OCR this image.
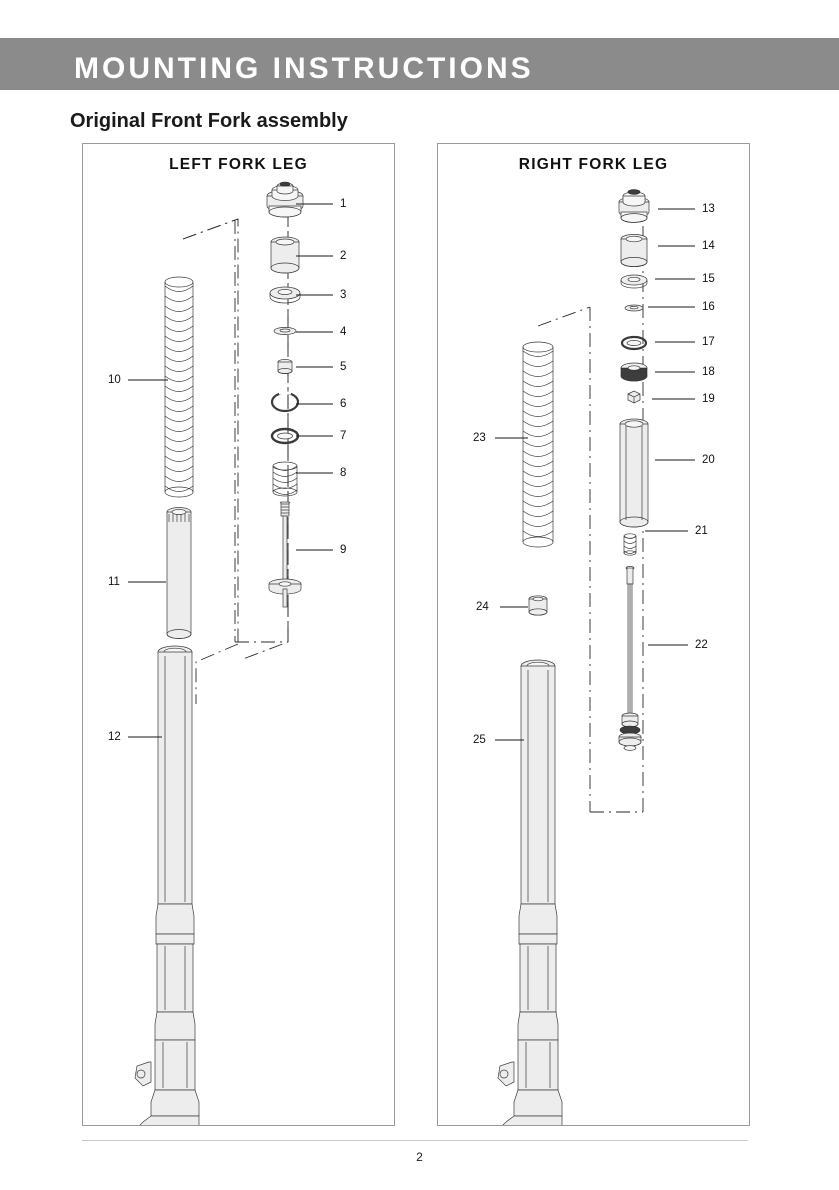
MOUNTING INSTRUCTIONS
Original Front Fork assembly
LEFT FORK LEG	RIGHT FORK LEG
1
2
3
4
5
6
7
8
9
10
11
12
13
14
15
16
17
18
19
20
21
22
23
24
25
2
